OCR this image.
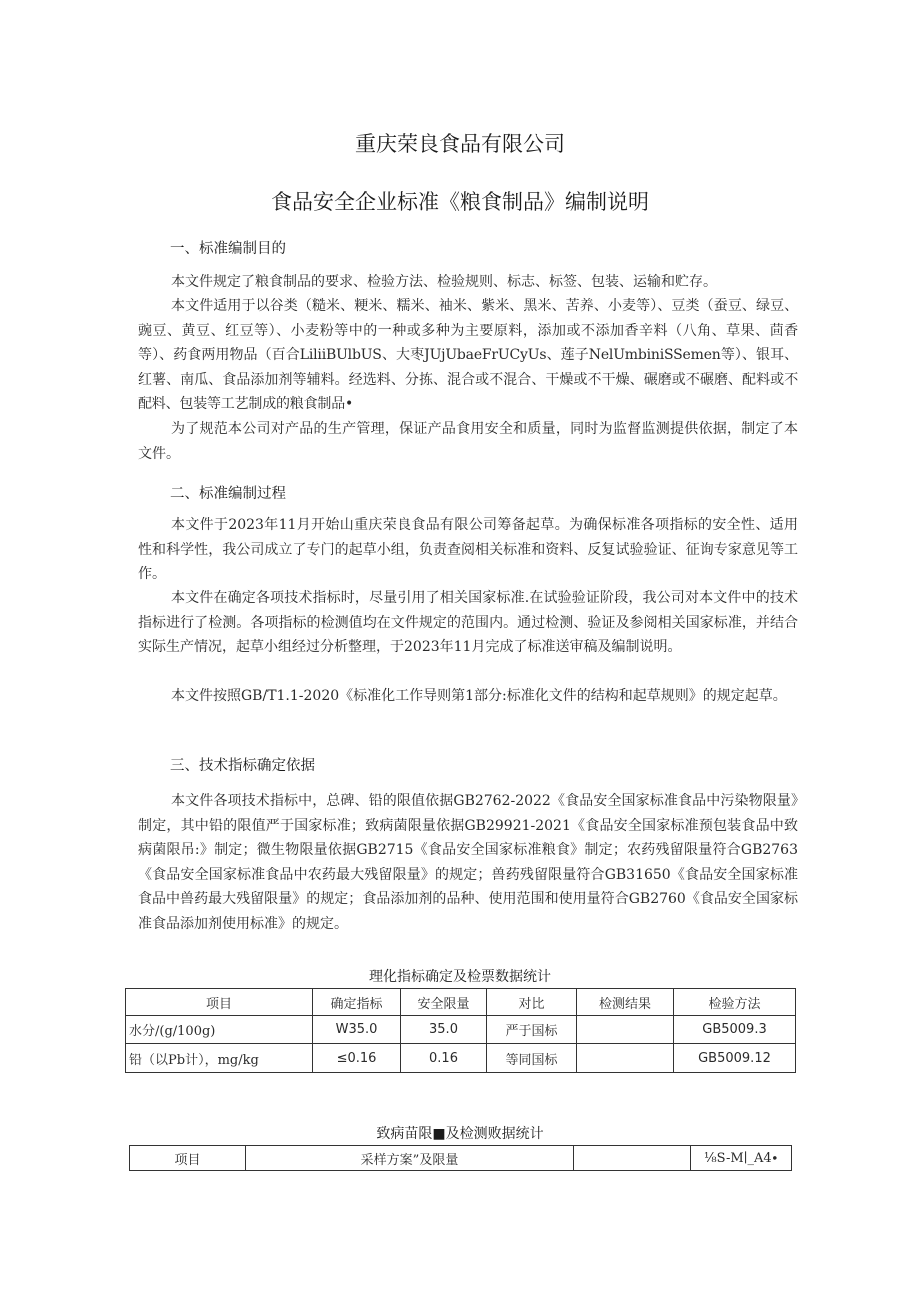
重庆荣良食品有限公司
食品安全企业标准《粮食制品》编制说明
一、标准编制目的

本文件规定了粮食制品的要求、检验方法、检验规则、标志、标签、包装、运输和贮存。

本文件适用于以谷类（糙米、粳米、糯米、袖米、紫米、黑米、苦养、小麦等）、豆类（蚕豆、绿豆、豌豆、黄豆、红豆等）、小麦粉等中的一种或多种为主要原料，添加或不添加香辛料（八角、草果、茴香等）、药食两用物品（百合LiliiBUlbUS、大枣JUjUbaeFrUCyUs、莲子NelUmbiniSSemen等）、银耳、红薯、南瓜、食品添加剂等辅料。经选料、分拣、混合或不混合、干燥或不干燥、碾磨或不碾磨、配料或不配料、包装等工艺制成的粮食制品•

为了规范本公司对产品的生产管理，保证产品食用安全和质量，同时为监督监测提供依据，制定了本文件。

二、标准编制过程

本文件于2023年11月开始山重庆荣良食品有限公司筹备起草。为确保标准各项指标的安全性、适用性和科学性，我公司成立了专门的起草小组，负责查阅相关标准和资料、反复试验验证、征询专家意见等工作。

本文件在确定各项技术指标时，尽量引用了相关国家标准.在试验验证阶段，我公司对本文件中的技术指标进行了检测。各项指标的检测值均在文件规定的范围内。通过检测、验证及参阅相关国家标准，并结合实际生产情况，起草小组经过分析整理，于2023年11月完成了标准送审稿及编制说明。

本文件按照GB/T1.1-2020《标准化工作导则第1部分:标准化文件的结构和起草规则》的规定起草。

三、技术指标确定依据

本文件各项技术指标中，总碑、铅的限值依据GB2762-2022《食品安全国家标准食品中污染物限量》制定，其中铅的限值严于国家标准；致病菌限量依据GB29921-2021《食品安全国家标准预包装食品中致病菌限吊:》制定；微生物限量依据GB2715《食品安全国家标准粮食》制定；农药残留限量符合GB2763《食品安全国家标准食品中农药最大残留限量》的规定；兽药残留限量符合GB31650《食品安全国家标准食品中兽药最大残留限量》的规定；食品添加剂的品种、使用范围和使用量符合GB2760《食品安全国家标准食品添加剂使用标准》的规定。

理化指标确定及检票数据统计
项目	确定指标	安全限量	对比	检测结果	检验方法
水分/(g∕100g)	W35.0	35.0	严于国标		GB5009.3
铅（以Pb计），mg/kg	≤0.16	0.16	等同国标		GB5009.12
致病苗限■及检测败据统计
项目	采样方案”及限量		⅛S-M∣_A4∙
